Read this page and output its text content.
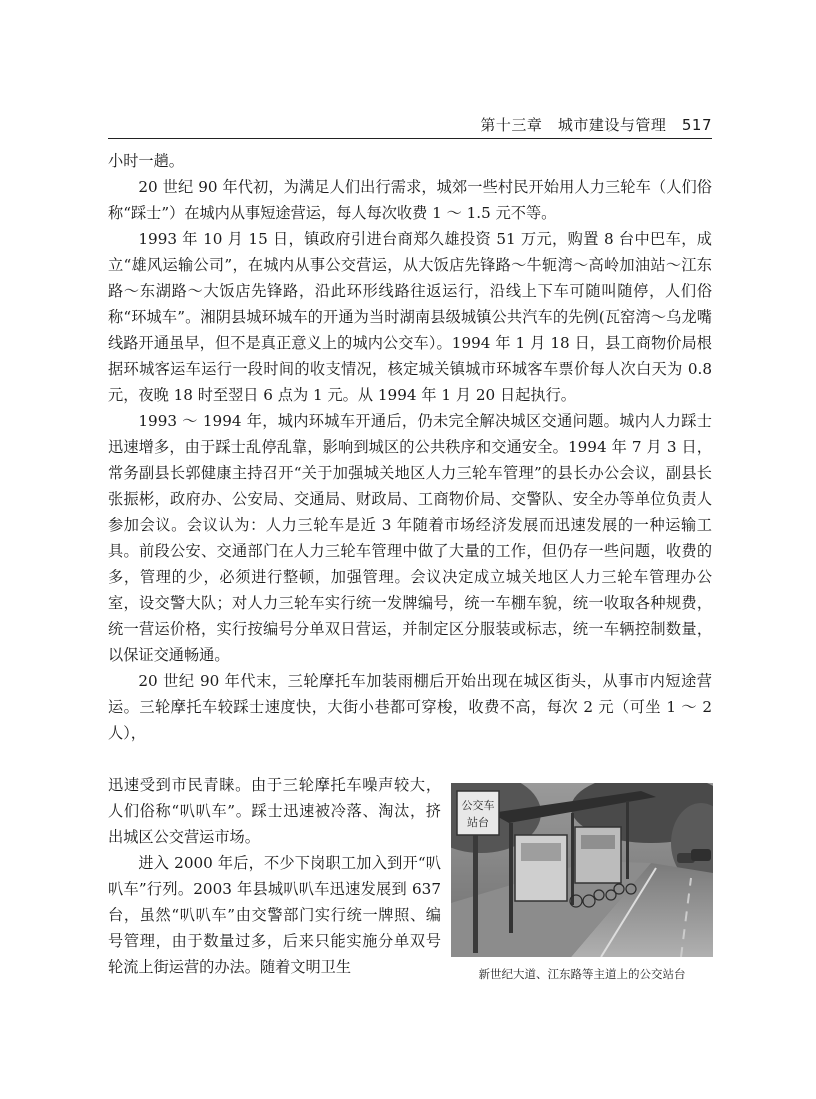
第十三章　城市建设与管理　517

小时一趟。

20 世纪 90 年代初，为满足人们出行需求，城郊一些村民开始用人力三轮车（人们俗称“踩士”）在城内从事短途营运，每人每次收费 1 ～ 1.5 元不等。

1993 年 10 月 15 日，镇政府引进台商郑久雄投资 51 万元，购置 8 台中巴车，成立“雄风运输公司”，在城内从事公交营运，从大饭店先锋路～牛轭湾～高岭加油站～江东路～东湖路～大饭店先锋路，沿此环形线路往返运行，沿线上下车可随叫随停，人们俗称“环城车”。湘阴县城环城车的开通为当时湖南县级城镇公共汽车的先例(瓦窑湾～乌龙嘴线路开通虽早，但不是真正意义上的城内公交车）。1994 年 1 月 18 日，县工商物价局根据环城客运车运行一段时间的收支情况，核定城关镇城市环城客车票价每人次白天为 0.8 元，夜晚 18 时至翌日 6 点为 1 元。从 1994 年 1 月 20 日起执行。

1993 ～ 1994 年，城内环城车开通后，仍未完全解决城区交通问题。城内人力踩士迅速增多，由于踩士乱停乱靠，影响到城区的公共秩序和交通安全。1994 年 7 月 3 日，常务副县长郭健康主持召开“关于加强城关地区人力三轮车管理”的县长办公会议，副县长张振彬，政府办、公安局、交通局、财政局、工商物价局、交警队、安全办等单位负责人参加会议。会议认为：人力三轮车是近 3 年随着市场经济发展而迅速发展的一种运输工具。前段公安、交通部门在人力三轮车管理中做了大量的工作，但仍存一些问题，收费的多，管理的少，必须进行整顿，加强管理。会议决定成立城关地区人力三轮车管理办公室，设交警大队；对人力三轮车实行统一发牌编号，统一车棚车貌，统一收取各种规费，统一营运价格，实行按编号分单双日营运，并制定区分服装或标志，统一车辆控制数量，以保证交通畅通。

20 世纪 90 年代末，三轮摩托车加装雨棚后开始出现在城区街头，从事市内短途营运。三轮摩托车较踩士速度快，大街小巷都可穿梭，收费不高，每次 2 元（可坐 1 ～ 2 人），

迅速受到市民青睐。由于三轮摩托车噪声较大，人们俗称“叭叭车”。踩士迅速被冷落、淘汰，挤出城区公交营运市场。

进入 2000 年后，不少下岗职工加入到开“叭叭车”行列。2003 年县城叭叭车迅速发展到 637 台，虽然“叭叭车”由交警部门实行统一牌照、编号管理，由于数量过多，后来只能实施分单双号轮流上街运营的办法。随着文明卫生

公交车
站台
新世纪大道、江东路等主道上的公交站台
